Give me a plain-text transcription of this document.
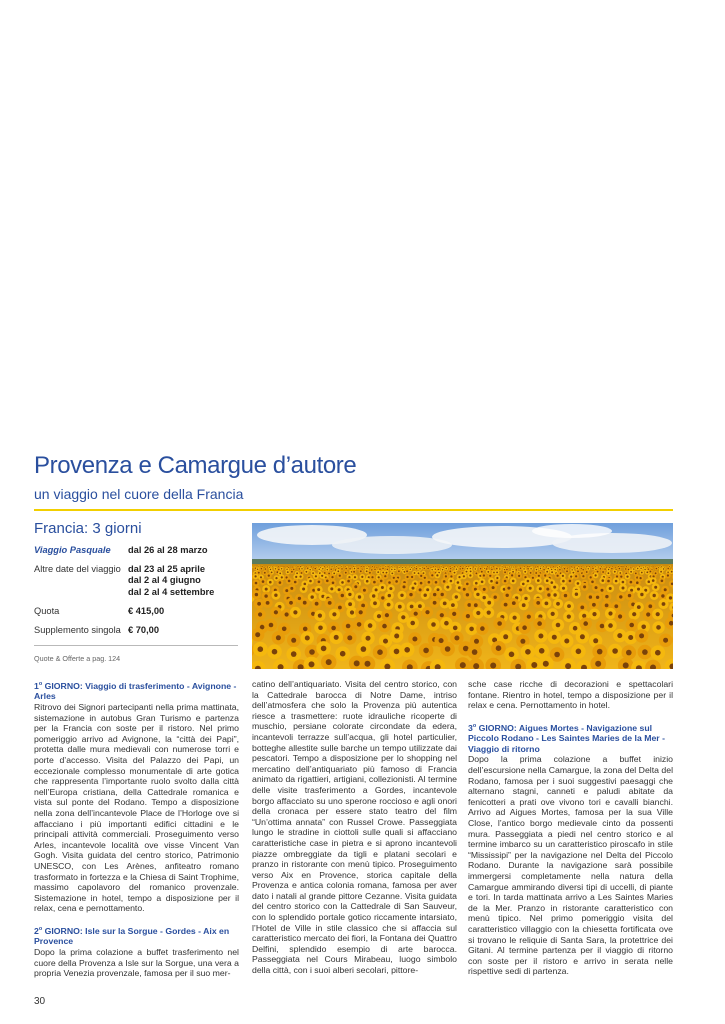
Provenza e Camargue d’autore
un viaggio nel cuore della Francia
Francia: 3 giorni
Viaggio Pasquale	dal 26 al 28 marzo
Altre date del viaggio dal 23 al 25 aprile
dal 2 al 4 giugno
dal 2 al 4 settembre
Quota	€ 415,00
Supplemento singola € 70,00
Quote & Offerte a pag. 124
1$^o$ GIORNO: Viaggio di trasferimento - Avignone - Arles

Ritrovo dei Signori partecipanti nella prima mattinata, sistemazione in autobus Gran Turismo e partenza per la Francia con soste per il ristoro. Nel primo pomeriggio arrivo ad Avignone, la “città dei Papi”, protetta dalle mura medievali con numerose torri e porte d’accesso. Visita del Palazzo dei Papi, un eccezionale complesso monumentale di arte gotica che rappresenta l’importante ruolo svolto dalla città nell’Europa cristiana, della Cattedrale romanica e vista sul ponte del Rodano. Tempo a disposizione nella zona dell’incantevole Place de l’Horloge ove si affacciano i più importanti edifici cittadini e le principali attività commerciali. Proseguimento verso Arles, incantevole località ove visse Vincent Van Gogh. Visita guidata del centro storico, Patrimonio UNESCO, con Les Arènes, anfiteatro romano trasformato in fortezza e la Chiesa di Saint Trophime, massimo capolavoro del romanico provenzale. Sistemazione in hotel, tempo a disposizione per il relax, cena e pernottamento.

2$^o$ GIORNO: Isle sur la Sorgue - Gordes - Aix en Provence

Dopo la prima colazione a buffet trasferimento nel cuore della Provenza a Isle sur la Sorgue, una vera a propria Venezia provenzale, famosa per il suo mer-

catino dell’antiquariato. Visita del centro storico, con la Cattedrale barocca di Notre Dame, intriso dell’atmosfera che solo la Provenza più autentica riesce a trasmettere: ruote idrauliche ricoperte di muschio, persiane colorate circondate da edera, incantevoli terrazze sull’acqua, gli hotel particulier, botteghe allestite sulle barche un tempo utilizzate dai pescatori. Tempo a disposizione per lo shopping nel mercatino dell’antiquariato più famoso di Francia animato da rigattieri, artigiani, collezionisti. Al termine delle visite trasferimento a Gordes, incantevole borgo affacciato su uno sperone roccioso e agli onori della cronaca per essere stato teatro del film “Un’ottima annata” con Russel Crowe. Passeggiata lungo le stradine in ciottoli sulle quali si affacciano caratteristiche case in pietra e si aprono incantevoli piazze ombreggiate da tigli e platani secolari e pranzo in ristorante con menù tipico. Proseguimento verso Aix en Provence, storica capitale della Provenza e antica colonia romana, famosa per aver dato i natali al grande pittore Cezanne. Visita guidata del centro storico con la Cattedrale di San Sauveur, con lo splendido portale gotico riccamente intarsiato, l’Hotel de Ville in stile classico che si affaccia sul caratteristico mercato dei fiori, la Fontana dei Quattro Delfini, splendido esempio di arte barocca. Passeggiata nel Cours Mirabeau, luogo simbolo della città, con i suoi alberi secolari, pittore-

sche case ricche di decorazioni e spettacolari fontane. Rientro in hotel, tempo a disposizione per il relax e cena. Pernottamento in hotel.

3$^o$ GIORNO: Aigues Mortes - Navigazione sul Piccolo Rodano - Les Saintes Maries de la Mer - Viaggio di ritorno

Dopo la prima colazione a buffet inizio dell’escursione nella Camargue, la zona del Delta del Rodano, famosa per i suoi suggestivi paesaggi che alternano stagni, canneti e paludi abitate da fenicotteri a prati ove vivono tori e cavalli bianchi. Arrivo ad Aigues Mortes, famosa per la sua Ville Close, l’antico borgo medievale cinto da possenti mura. Passeggiata a piedi nel centro storico e al termine imbarco su un caratteristico piroscafo in stile “Mississipi” per la navigazione nel Delta del Piccolo Rodano. Durante la navigazione sarà possibile immergersi completamente nella natura della Camargue ammirando diversi tipi di uccelli, di piante e tori. In tarda mattinata arrivo a Les Saintes Maries de la Mer. Pranzo in ristorante caratteristico con menù tipico. Nel primo pomeriggio visita del caratteristico villaggio con la chiesetta fortificata ove si trovano le reliquie di Santa Sara, la protettrice dei Gitani. Al termine partenza per il viaggio di ritorno con soste per il ristoro e arrivo in serata nelle rispettive sedi di partenza.

30
